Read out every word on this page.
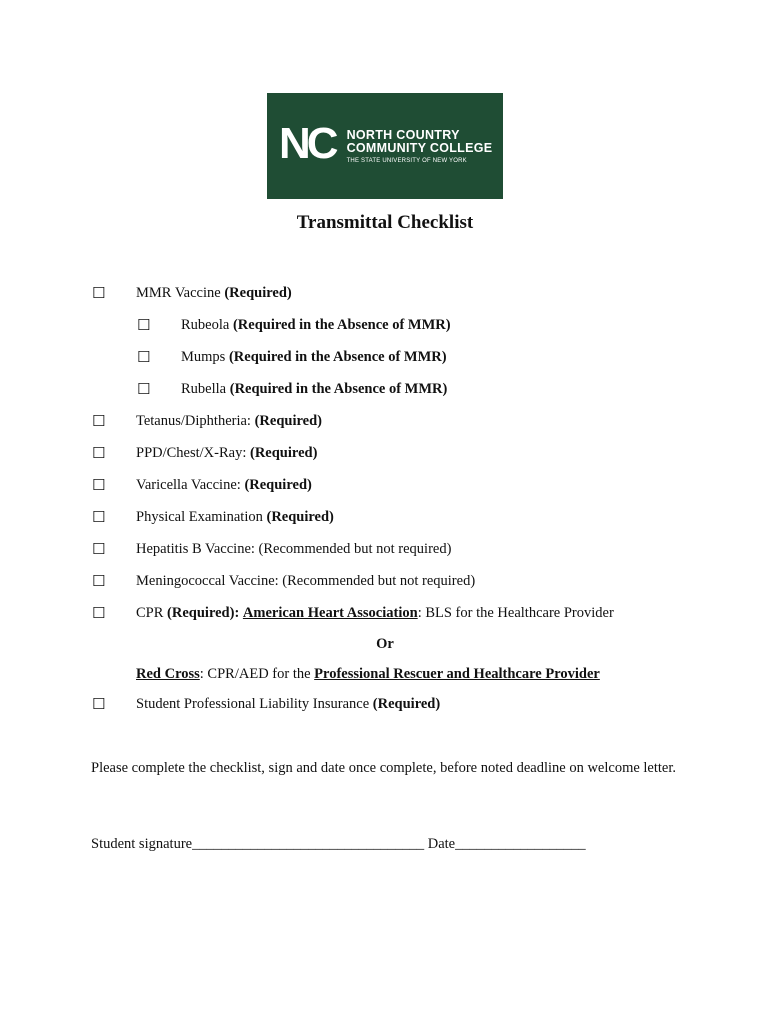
NC NORTH COUNTRY
COMMUNITY COLLEGE
THE STATE UNIVERSITY OF NEW YORK
Transmittal Checklist
☐ MMR Vaccine (Required)
☐ Rubeola (Required in the Absence of MMR)
☐ Mumps (Required in the Absence of MMR)
☐ Rubella (Required in the Absence of MMR)
☐ Tetanus/Diphtheria: (Required)
☐ PPD/Chest/X-Ray: (Required)
☐ Varicella Vaccine: (Required)
☐ Physical Examination (Required)
☐ Hepatitis B Vaccine: (Recommended but not required)
☐ Meningococcal Vaccine: (Recommended but not required)
☐ CPR (Required): American Heart Association: BLS for the Healthcare Provider
Or
Red Cross: CPR/AED for the Professional Rescuer and Healthcare Provider
☐ Student Professional Liability Insurance (Required)
Please complete the checklist, sign and date once complete, before noted deadline on welcome letter.
Student signature________________________________ Date__________________
